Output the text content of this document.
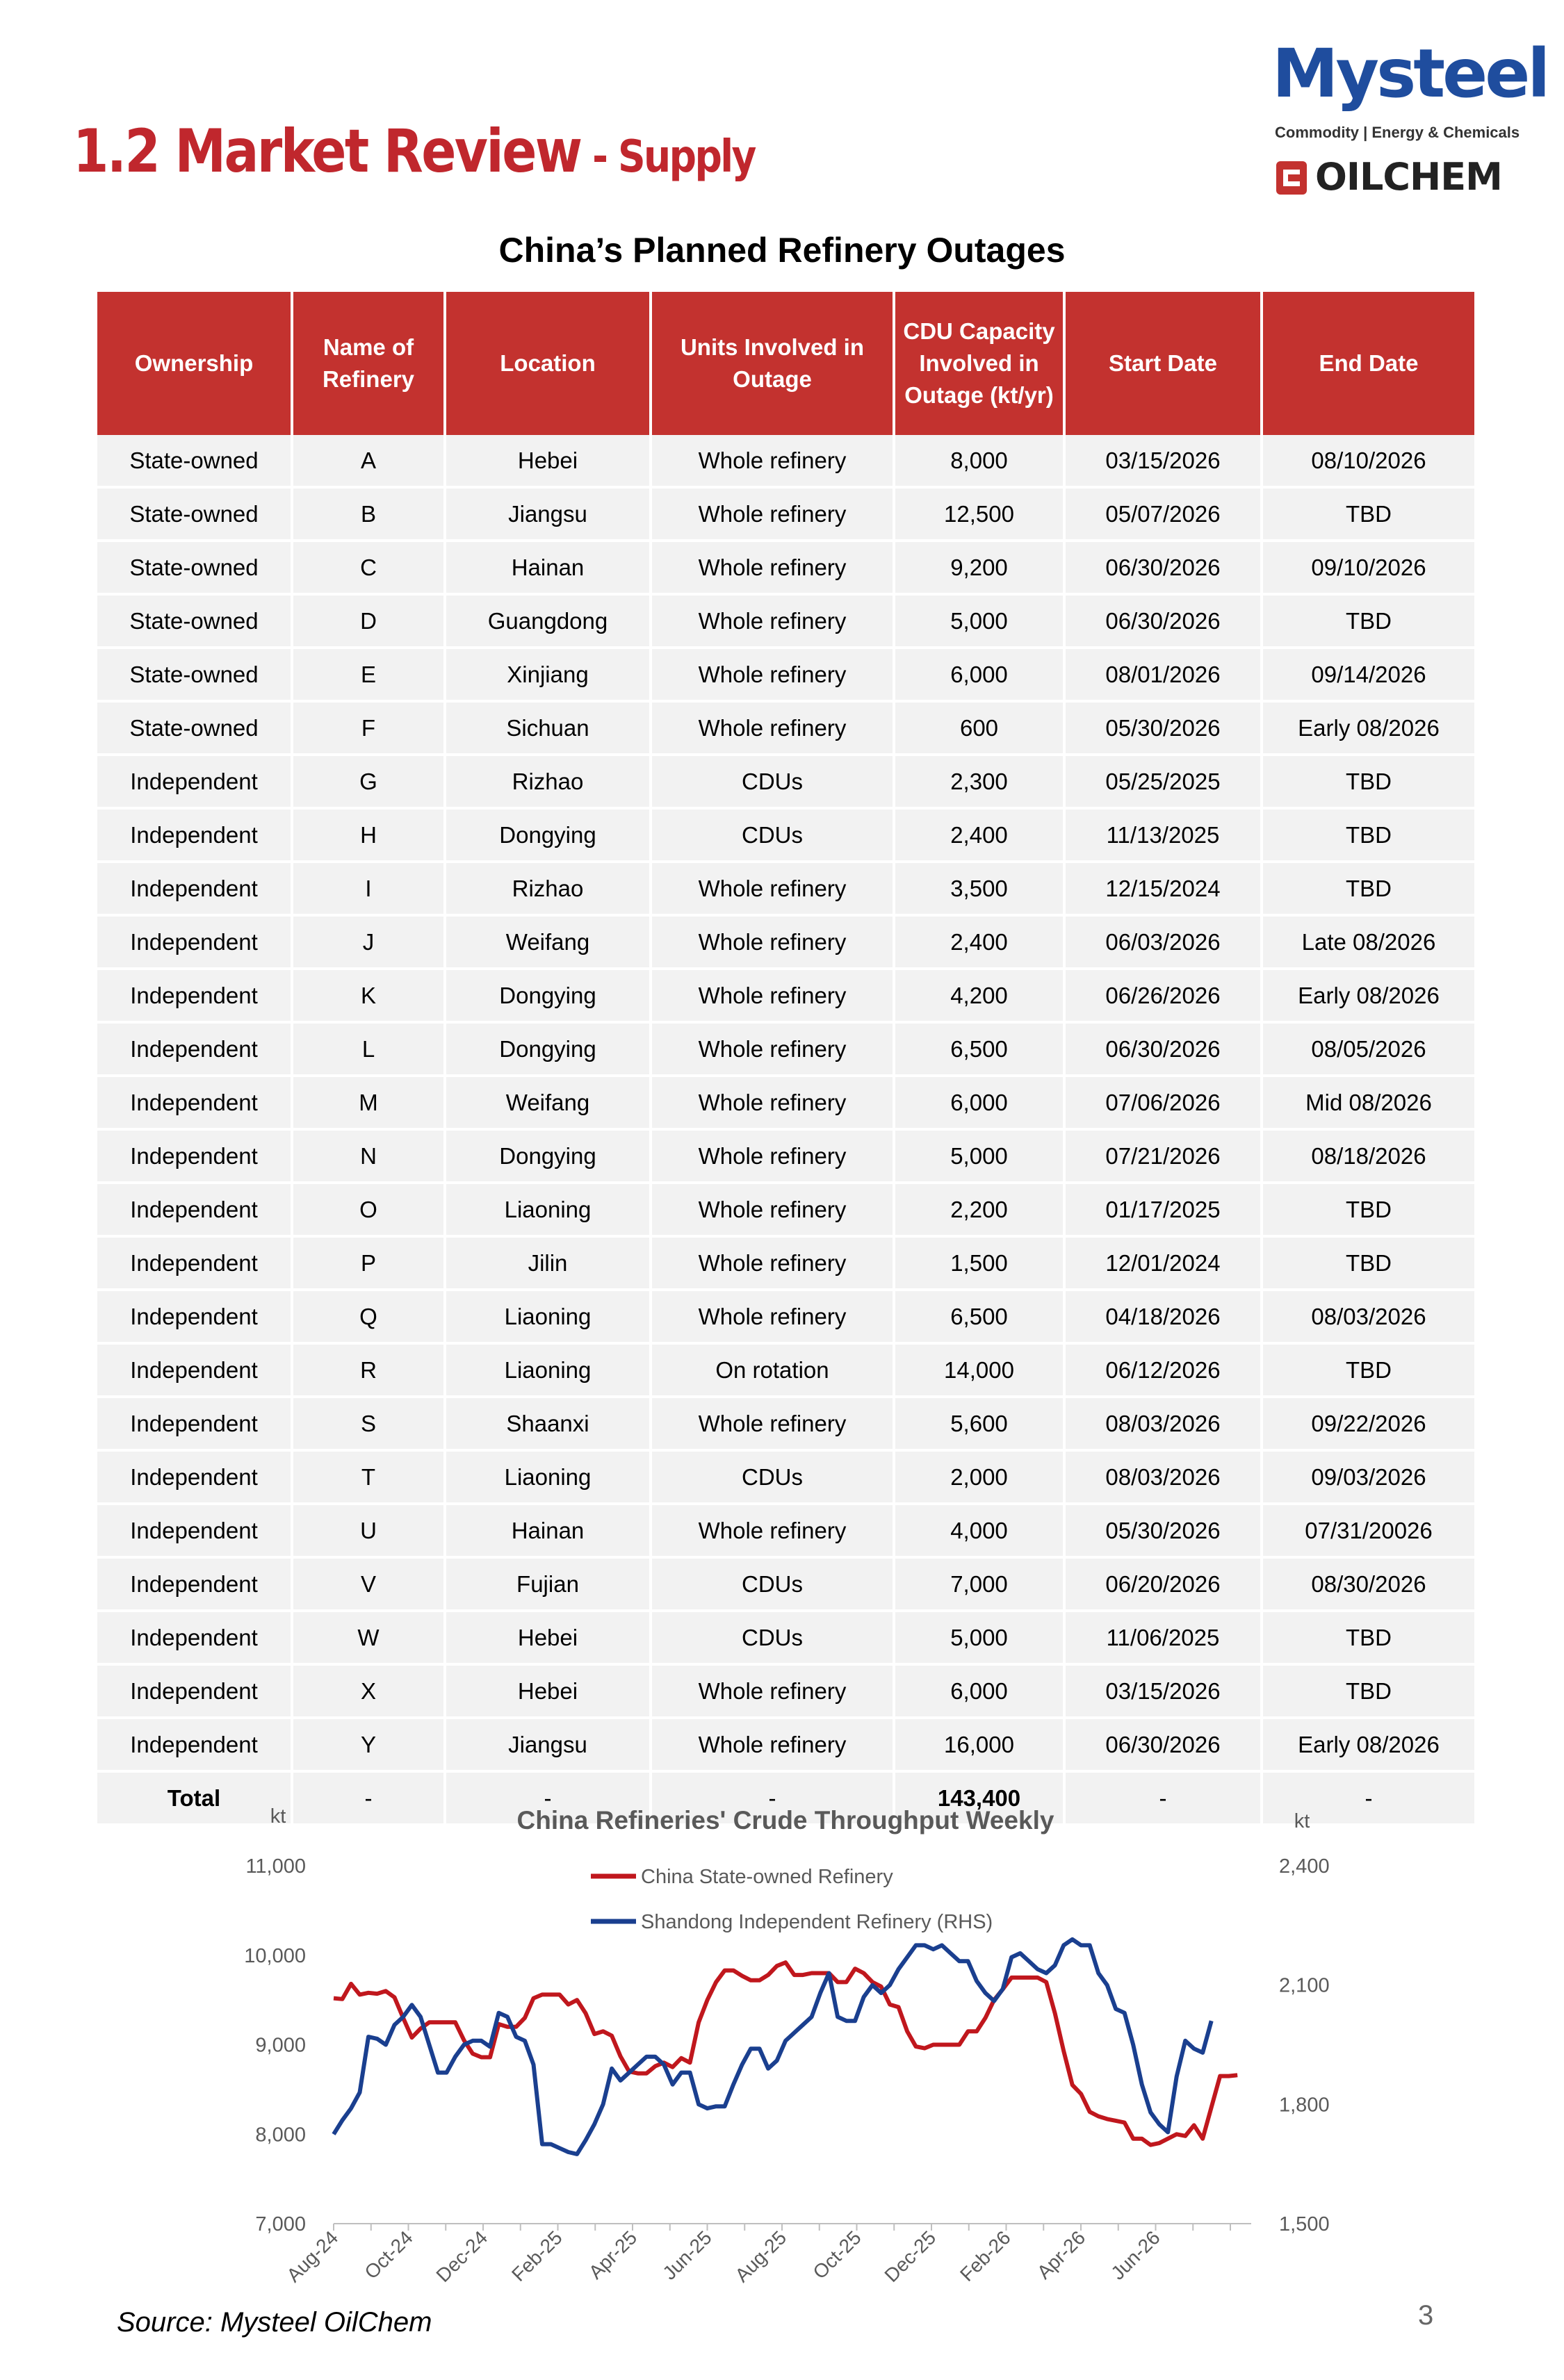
1.2 Market Review - Supply
Mysteel
Commodity | Energy & Chemicals
OILCHEM
China’s Planned Refinery Outages
Ownership	Name of Refinery	Location	Units Involved in Outage	CDU Capacity Involved in Outage (kt/yr)	Start Date	End Date
State-owned	A	Hebei	Whole refinery	8,000	03/15/2026	08/10/2026
State-owned	B	Jiangsu	Whole refinery	12,500	05/07/2026	TBD
State-owned	C	Hainan	Whole refinery	9,200	06/30/2026	09/10/2026
State-owned	D	Guangdong	Whole refinery	5,000	06/30/2026	TBD
State-owned	E	Xinjiang	Whole refinery	6,000	08/01/2026	09/14/2026
State-owned	F	Sichuan	Whole refinery	600	05/30/2026	Early 08/2026
Independent	G	Rizhao	CDUs	2,300	05/25/2025	TBD
Independent	H	Dongying	CDUs	2,400	11/13/2025	TBD
Independent	I	Rizhao	Whole refinery	3,500	12/15/2024	TBD
Independent	J	Weifang	Whole refinery	2,400	06/03/2026	Late 08/2026
Independent	K	Dongying	Whole refinery	4,200	06/26/2026	Early 08/2026
Independent	L	Dongying	Whole refinery	6,500	06/30/2026	08/05/2026
Independent	M	Weifang	Whole refinery	6,000	07/06/2026	Mid 08/2026
Independent	N	Dongying	Whole refinery	5,000	07/21/2026	08/18/2026
Independent	O	Liaoning	Whole refinery	2,200	01/17/2025	TBD
Independent	P	Jilin	Whole refinery	1,500	12/01/2024	TBD
Independent	Q	Liaoning	Whole refinery	6,500	04/18/2026	08/03/2026
Independent	R	Liaoning	On rotation	14,000	06/12/2026	TBD
Independent	S	Shaanxi	Whole refinery	5,600	08/03/2026	09/22/2026
Independent	T	Liaoning	CDUs	2,000	08/03/2026	09/03/2026
Independent	U	Hainan	Whole refinery	4,000	05/30/2026	07/31/20026
Independent	V	Fujian	CDUs	7,000	06/20/2026	08/30/2026
Independent	W	Hebei	CDUs	5,000	11/06/2025	TBD
Independent	X	Hebei	Whole refinery	6,000	03/15/2026	TBD
Independent	Y	Jiangsu	Whole refinery	16,000	06/30/2026	Early 08/2026
Total	-	-	-	143,400	-	-
China Refineries' Crude Throughput Weekly
kt	kt
11,000
10,000
9,000
8,000
7,000
2,400
2,100
1,800
1,500
Aug-24 Oct-24 Dec-24 Feb-25 Apr-25 Jun-25 Aug-25 Oct-25 Dec-25 Feb-26 Apr-26 Jun-26
China State-owned Refinery
Shandong Independent Refinery (RHS)
Source: Mysteel OilChem	3
